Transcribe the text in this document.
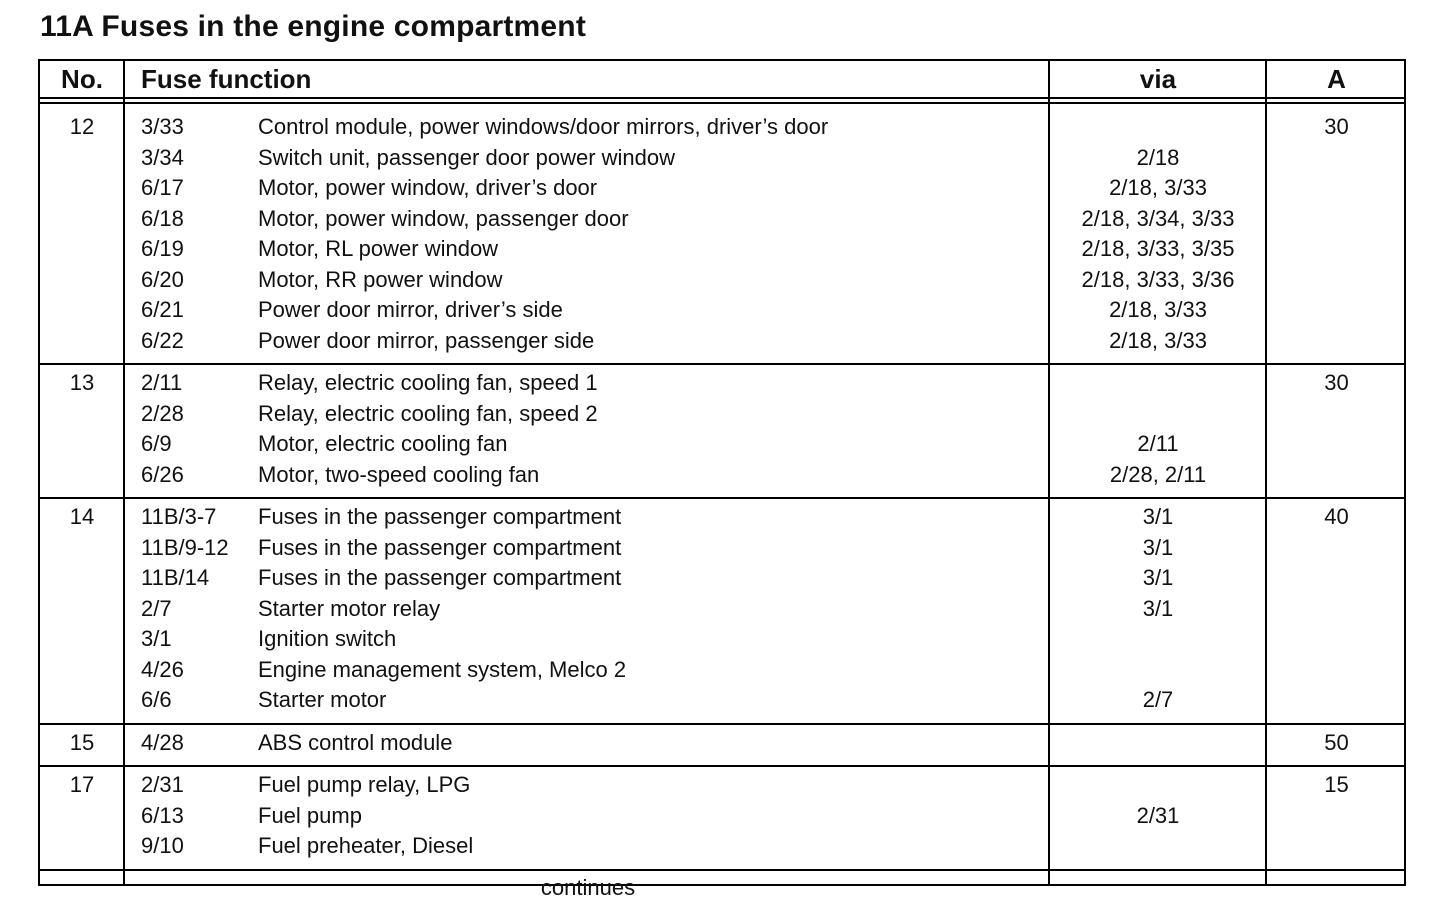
11A Fuses in the engine compartment
No.	Fuse function	via	A
12	30
3/33	Control module, power windows/door mirrors, driver’s door
3/34	Switch unit, passenger door power window	2/18
6/17	Motor, power window, driver’s door	2/18, 3/33
6/18	Motor, power window, passenger door	2/18, 3/34, 3/33
6/19	Motor, RL power window	2/18, 3/33, 3/35
6/20	Motor, RR power window	2/18, 3/33, 3/36
6/21	Power door mirror, driver’s side	2/18, 3/33
6/22	Power door mirror, passenger side	2/18, 3/33
13	30
2/11	Relay, electric cooling fan, speed 1
2/28	Relay, electric cooling fan, speed 2
6/9	Motor, electric cooling fan	2/11
6/26	Motor, two-speed cooling fan	2/28, 2/11
14	40
11B/3-7 Fuses in the passenger compartment	3/1
11B/9-12 Fuses in the passenger compartment	3/1
11B/14 Fuses in the passenger compartment	3/1
2/7	Starter motor relay	3/1
3/1	Ignition switch
4/26	Engine management system, Melco 2
6/6	Starter motor	2/7
15	50
4/28	ABS control module
17	15
2/31	Fuel pump relay, LPG
6/13	Fuel pump	2/31
9/10	Fuel preheater, Diesel
continues
